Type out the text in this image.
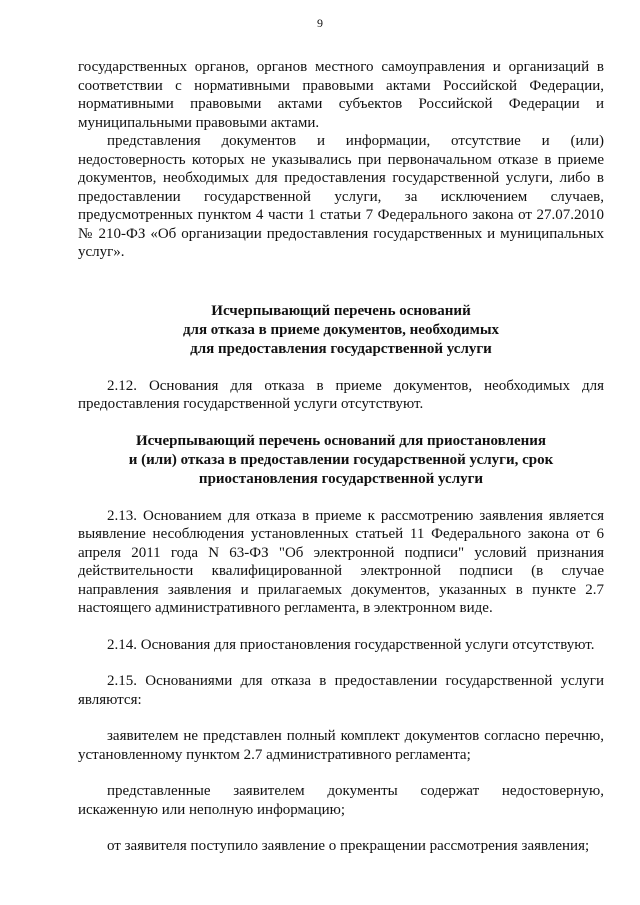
9

государственных органов, органов местного самоуправления и организаций в соответствии с нормативными правовыми актами Российской Федерации, нормативными правовыми актами субъектов Российской Федерации и муниципальными правовыми актами.

представления документов и информации, отсутствие и (или) недостоверность которых не указывались при первоначальном отказе в приеме документов, необходимых для предоставления государственной услуги, либо в предоставлении государственной услуги, за исключением случаев, предусмотренных пунктом 4 части 1 статьи 7 Федерального закона от 27.07.2010 № 210-ФЗ «Об организации предоставления государственных и муниципальных услуг».

Исчерпывающий перечень оснований
для отказа в приеме документов, необходимых
для предоставления государственной услуги

2.12. Основания для отказа в приеме документов, необходимых для предоставления государственной услуги отсутствуют.

Исчерпывающий перечень оснований для приостановления
и (или) отказа в предоставлении государственной услуги, срок
приостановления государственной услуги

2.13. Основанием для отказа в приеме к рассмотрению заявления является выявление несоблюдения установленных статьей 11 Федерального закона от 6 апреля 2011 года N 63-ФЗ "Об электронной подписи" условий признания действительности квалифицированной электронной подписи (в случае направления заявления и прилагаемых документов, указанных в пункте 2.7 настоящего административного регламента, в электронном виде.

2.14. Основания для приостановления государственной услуги отсутствуют.

2.15. Основаниями для отказа в предоставлении государственной услуги являются:

заявителем не представлен полный комплект документов согласно перечню, установленному пунктом 2.7 административного регламента;

представленные заявителем документы содержат недостоверную, искаженную или неполную информацию;

от заявителя поступило заявление о прекращении рассмотрения заявления;
